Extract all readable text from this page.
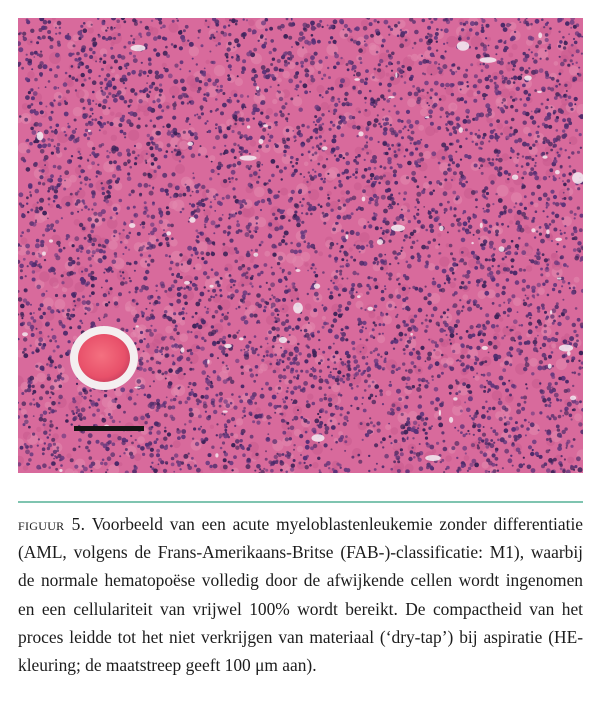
figuur 5. Voorbeeld van een acute myeloblastenleukemie zonder differentiatie (AML, volgens de Frans-Amerikaans-Britse (FAB-)-classificatie: M1), waarbij de normale hematopoëse volledig door de afwijkende cellen wordt ingenomen en een cellulariteit van vrijwel 100% wordt bereikt. De compactheid van het proces leidde tot het niet verkrijgen van materiaal (‘dry-tap’) bij aspiratie (HE-kleuring; de maatstreep geeft 100 μm aan).
